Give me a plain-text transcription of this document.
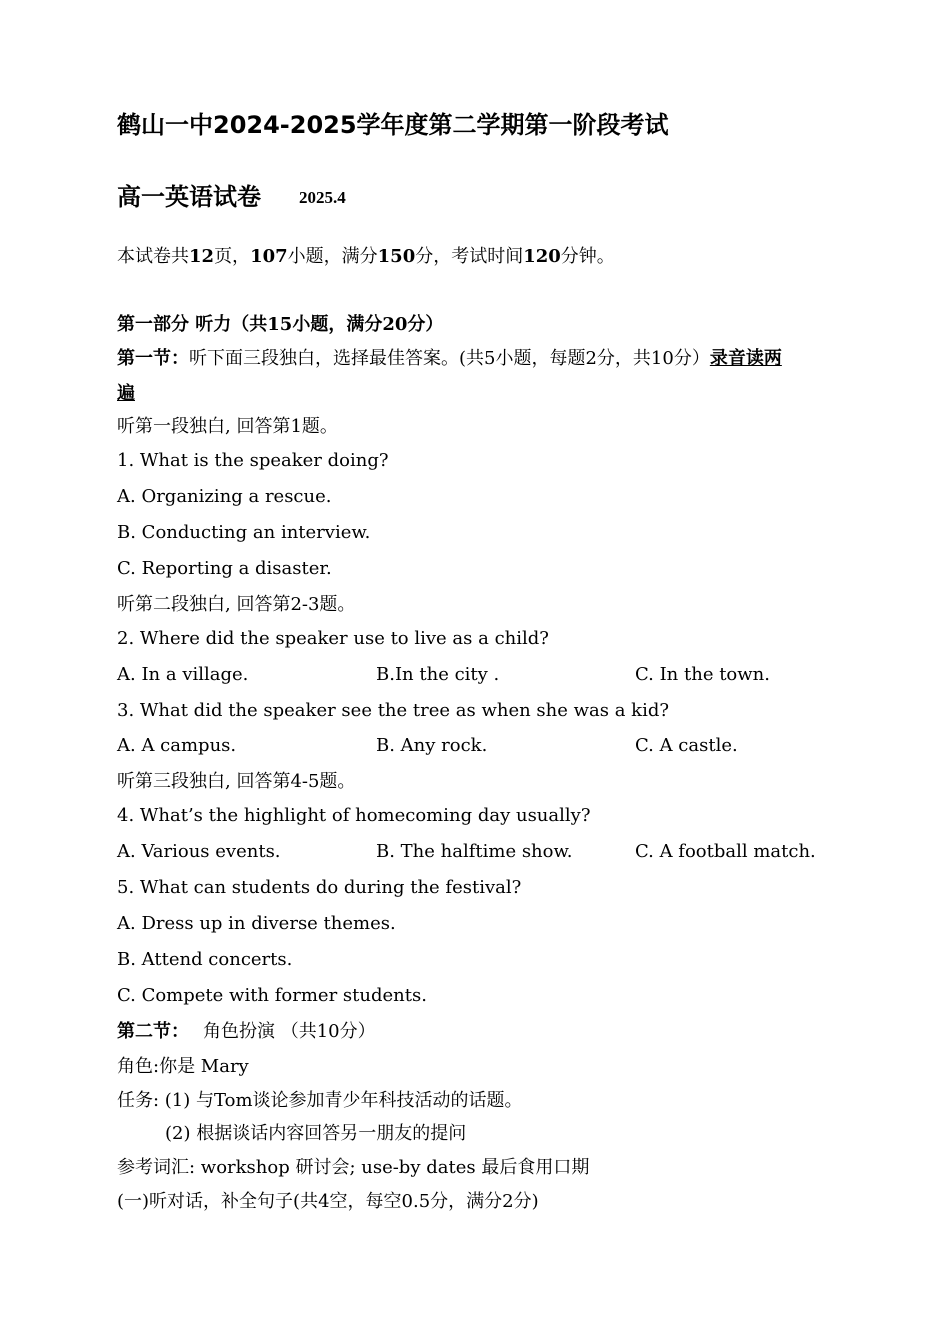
鹤山一中2024-2025学年度第二学期第一阶段考试
高一英语试卷 2025.4
本试卷共12页，107小题，满分150分，考试时间120分钟。
第一部分 听力（共15小题，满分20分）
第一节：听下面三段独白，选择最佳答案。(共5小题，每题2分，共10分）录音读两
遍
听第一段独白, 回答第1题。
1. What is the speaker doing?
A. Organizing a rescue.
B. Conducting an interview.
C. Reporting a disaster.
听第二段独白, 回答第2-3题。
2. Where did the speaker use to live as a child?
A. In a village.	B.In the city .	C. In the town.
3. What did the speaker see the tree as when she was a kid?
A. A campus.	B. Any rock.	C. A castle.
听第三段独白, 回答第4-5题。
4. What’s the highlight of homecoming day usually?
A. Various events.	B. The halftime show.	C. A football match.
5. What can students do during the festival?
A. Dress up in diverse themes.
B. Attend concerts.
C. Compete with former students.
第二节： 角色扮演 （共10分）
角色:你是 Mary
任务: (1) 与Tom谈论参加青少年科技活动的话题。
(2) 根据谈话内容回答另一朋友的提问
参考词汇: workshop 研讨会; use-by dates 最后食用口期
(一)听对话，补全句子(共4空，每空0.5分，满分2分)
